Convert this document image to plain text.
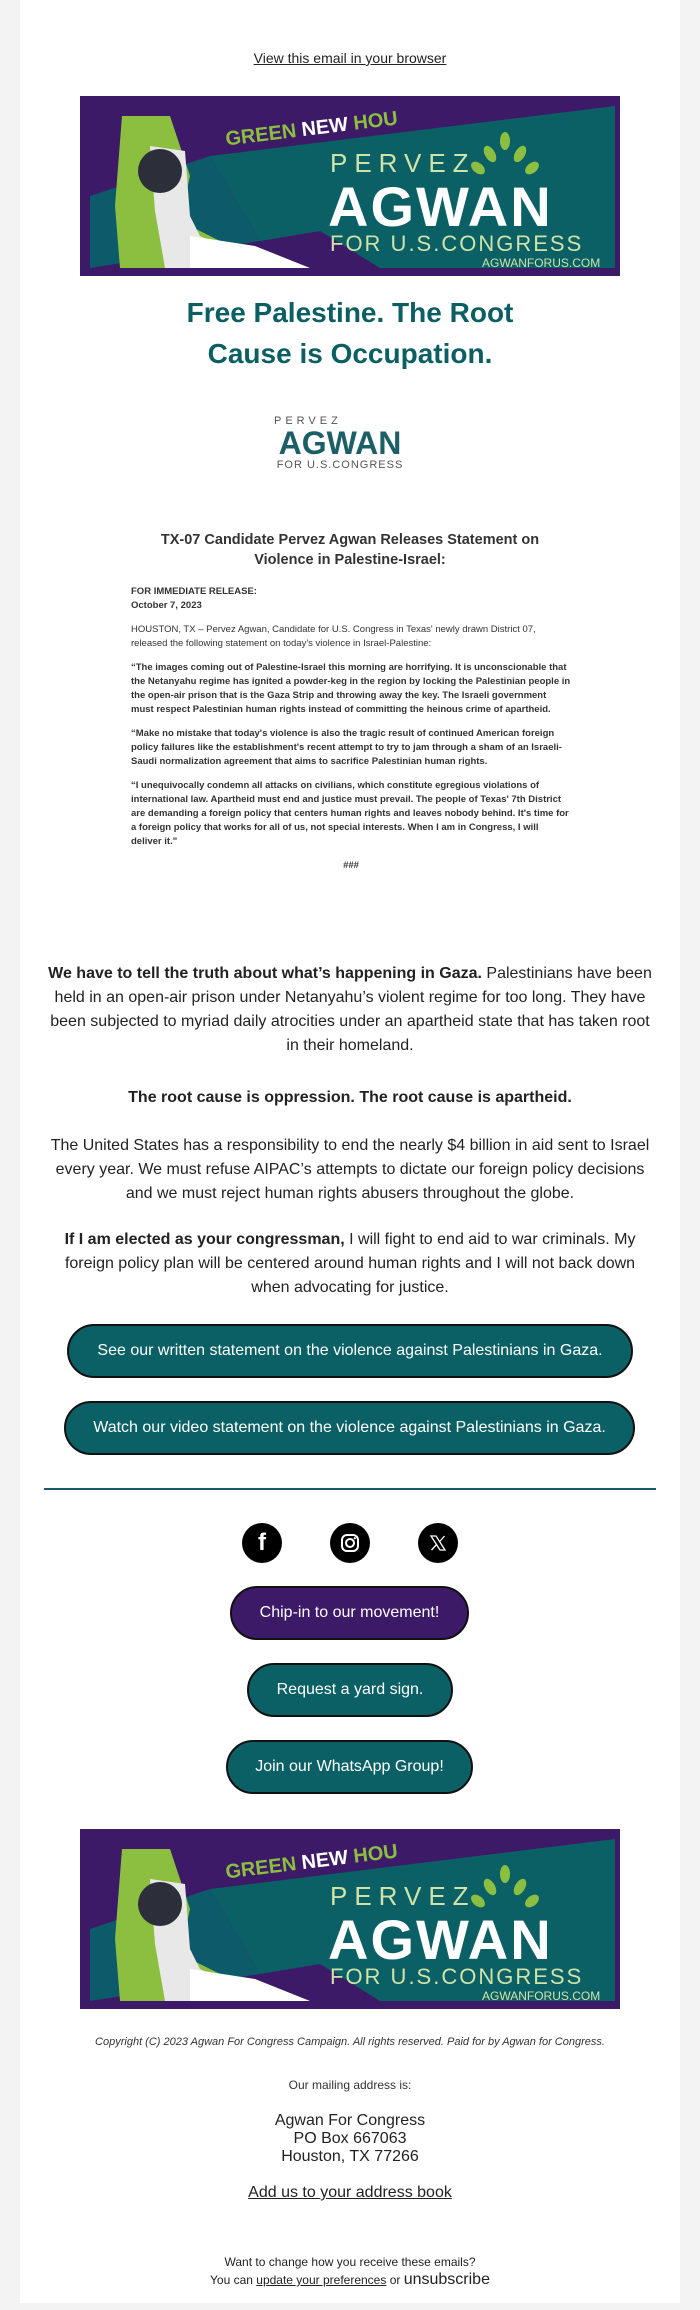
View this email in your browser
GREEN NEW HOU
PERVEZ
AGWAN
FOR U.S.CONGRESS
AGWANFORUS.COM
Free Palestine. The Root Cause is Occupation.
PERVEZ
AGWAN
FOR U.S.CONGRESS
TX-07 Candidate Pervez Agwan Releases Statement on Violence in Palestine-Israel:
FOR IMMEDIATE RELEASE:
October 7, 2023

HOUSTON, TX – Pervez Agwan, Candidate for U.S. Congress in Texas' newly drawn District 07, released the following statement on today's violence in Israel-Palestine:

“The images coming out of Palestine-Israel this morning are horrifying. It is unconscionable that the Netanyahu regime has ignited a powder-keg in the region by locking the Palestinian people in the open-air prison that is the Gaza Strip and throwing away the key. The Israeli government must respect Palestinian human rights instead of committing the heinous crime of apartheid.

“Make no mistake that today's violence is also the tragic result of continued American foreign policy failures like the establishment's recent attempt to try to jam through a sham of an Israeli-Saudi normalization agreement that aims to sacrifice Palestinian human rights.

“I unequivocally condemn all attacks on civilians, which constitute egregious violations of international law. Apartheid must end and justice must prevail. The people of Texas' 7th District are demanding a foreign policy that centers human rights and leaves nobody behind. It's time for a foreign policy that works for all of us, not special interests. When I am in Congress, I will deliver it."

###
We have to tell the truth about what’s happening in Gaza. Palestinians have been held in an open-air prison under Netanyahu’s violent regime for too long. They have been subjected to myriad daily atrocities under an apartheid state that has taken root in their homeland.
The root cause is oppression. The root cause is apartheid.
The United States has a responsibility to end the nearly $4 billion in aid sent to Israel every year. We must refuse AIPAC’s attempts to dictate our foreign policy decisions and we must reject human rights abusers throughout the globe.
If I am elected as your congressman, I will fight to end aid to war criminals. My foreign policy plan will be centered around human rights and I will not back down when advocating for justice.
See our written statement on the violence against Palestinians in Gaza.
Watch our video statement on the violence against Palestinians in Gaza.
f
Chip-in to our movement!
Request a yard sign.
Join our WhatsApp Group!
GREEN NEW HOU
PERVEZ
AGWAN
FOR U.S.CONGRESS
AGWANFORUS.COM
Copyright (C) 2023 Agwan For Congress Campaign. All rights reserved. Paid for by Agwan for Congress.
Our mailing address is:
Agwan For Congress
PO Box 667063
Houston, TX 77266
Add us to your address book
Want to change how you receive these emails?
You can update your preferences or unsubscribe
